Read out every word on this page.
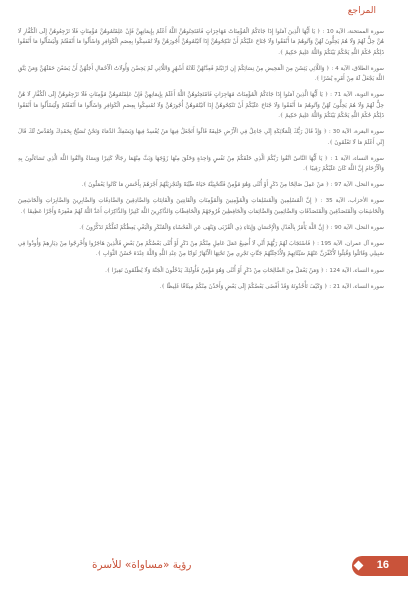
المراجع

سورة الممتحنة، الآية 10 : ﴿ يَا أَيُّهَا الَّذِينَ آمَنُوا إِذَا جَاءَكُمُ الْمُؤْمِنَاتُ مُهَاجِرَاتٍ فَامْتَحِنُوهُنَّ اللَّهُ أَعْلَمُ بِإِيمَانِهِنَّ فَإِنْ عَلِمْتُمُوهُنَّ مُؤْمِنَاتٍ فَلَا تَرْجِعُوهُنَّ إِلَى الْكُفَّارِ لَا هُنَّ حِلٌّ لَهُمْ وَلَا هُمْ يَحِلُّونَ لَهُنَّ وَآتُوهُمْ مَا أَنْفَقُوا وَلَا جُنَاحَ عَلَيْكُمْ أَنْ تَنْكِحُوهُنَّ إِذَا آتَيْتُمُوهُنَّ أُجُورَهُنَّ وَلَا تُمْسِكُوا بِعِصَمِ الْكَوَافِرِ وَاسْأَلُوا مَا أَنْفَقْتُمْ وَلْيَسْأَلُوا مَا أَنْفَقُوا ذَلِكُمْ حُكْمُ اللَّهِ يَحْكُمُ بَيْنَكُمْ وَاللَّهُ عَلِيمٌ حَكِيمٌ ﴾.

سورة الطلاق، الآية 4 : ﴿ وَاللَّائِي يَئِسْنَ مِنَ الْمَحِيضِ مِنْ نِسَائِكُمْ إِنِ ارْتَبْتُمْ فَعِدَّتُهُنَّ ثَلَاثَةُ أَشْهُرٍ وَاللَّائِي لَمْ يَحِضْنَ وَأُولَاتُ الْأَحْمَالِ أَجَلُهُنَّ أَنْ يَضَعْنَ حَمْلَهُنَّ وَمَنْ يَتَّقِ اللَّهَ يَجْعَلْ لَهُ مِنْ أَمْرِهِ يُسْرًا ﴾.

سورة التوبة، الآية 71 : ﴿ يَا أَيُّهَا الَّذِينَ آمَنُوا إِذَا جَاءَكُمُ الْمُؤْمِنَاتُ مُهَاجِرَاتٍ فَامْتَحِنُوهُنَّ اللَّهُ أَعْلَمُ بِإِيمَانِهِنَّ فَإِنْ عَلِمْتُمُوهُنَّ مُؤْمِنَاتٍ فَلَا تَرْجِعُوهُنَّ إِلَى الْكُفَّارِ لَا هُنَّ حِلٌّ لَهُمْ وَلَا هُمْ يَحِلُّونَ لَهُنَّ وَآتُوهُمْ مَا أَنْفَقُوا وَلَا جُنَاحَ عَلَيْكُمْ أَنْ تَنْكِحُوهُنَّ إِذَا آتَيْتُمُوهُنَّ أُجُورَهُنَّ وَلَا تُمْسِكُوا بِعِصَمِ الْكَوَافِرِ وَاسْأَلُوا مَا أَنْفَقْتُمْ وَلْيَسْأَلُوا مَا أَنْفَقُوا ذَلِكُمْ حُكْمُ اللَّهِ يَحْكُمُ بَيْنَكُمْ وَاللَّهُ عَلِيمٌ حَكِيمٌ ﴾.

سورة البقرة، الآية 30 : ﴿ وَإِذْ قَالَ رَبُّكَ لِلْمَلَائِكَةِ إِنِّي جَاعِلٌ فِي الْأَرْضِ خَلِيفَةً قَالُوا أَتَجْعَلُ فِيهَا مَنْ يُفْسِدُ فِيهَا وَيَسْفِكُ الدِّمَاءَ وَنَحْنُ نُسَبِّحُ بِحَمْدِكَ وَنُقَدِّسُ لَكَ قَالَ إِنِّي أَعْلَمُ مَا لَا تَعْلَمُونَ ﴾.

سورة النساء، الآية 1 : ﴿ يَا أَيُّهَا النَّاسُ اتَّقُوا رَبَّكُمُ الَّذِي خَلَقَكُمْ مِنْ نَفْسٍ وَاحِدَةٍ وَخَلَقَ مِنْهَا زَوْجَهَا وَبَثَّ مِنْهُمَا رِجَالًا كَثِيرًا وَنِسَاءً وَاتَّقُوا اللَّهَ الَّذِي تَسَاءَلُونَ بِهِ وَالْأَرْحَامَ إِنَّ اللَّهَ كَانَ عَلَيْكُمْ رَقِيبًا ﴾.

سورة النحل، الآية 97 : ﴿ مَنْ عَمِلَ صَالِحًا مِنْ ذَكَرٍ أَوْ أُنْثَى وَهُوَ مُؤْمِنٌ فَلَنُحْيِيَنَّهُ حَيَاةً طَيِّبَةً وَلَنَجْزِيَنَّهُمْ أَجْرَهُمْ بِأَحْسَنِ مَا كَانُوا يَعْمَلُونَ ﴾.

سورة الأحزاب، الآية 35 : ﴿ إِنَّ الْمُسْلِمِينَ وَالْمُسْلِمَاتِ وَالْمُؤْمِنِينَ وَالْمُؤْمِنَاتِ وَالْقَانِتِينَ وَالْقَانِتَاتِ وَالصَّادِقِينَ وَالصَّادِقَاتِ وَالصَّابِرِينَ وَالصَّابِرَاتِ وَالْخَاشِعِينَ وَالْخَاشِعَاتِ وَالْمُتَصَدِّقِينَ وَالْمُتَصَدِّقَاتِ وَالصَّائِمِينَ وَالصَّائِمَاتِ وَالْحَافِظِينَ فُرُوجَهُمْ وَالْحَافِظَاتِ وَالذَّاكِرِينَ اللَّهَ كَثِيرًا وَالذَّاكِرَاتِ أَعَدَّ اللَّهُ لَهُمْ مَغْفِرَةً وَأَجْرًا عَظِيمًا ﴾.

سورة النحل، الآية 90 : ﴿ إِنَّ اللَّهَ يَأْمُرُ بِالْعَدْلِ وَالْإِحْسَانِ وَإِيتَاءِ ذِي الْقُرْبَى وَيَنْهَى عَنِ الْفَحْشَاءِ وَالْمُنْكَرِ وَالْبَغْيِ يَعِظُكُمْ لَعَلَّكُمْ تَذَكَّرُونَ ﴾.

سورة آل عمران، الآية 195 : ﴿ فَاسْتَجَابَ لَهُمْ رَبُّهُمْ أَنِّي لَا أُضِيعُ عَمَلَ عَامِلٍ مِنْكُمْ مِنْ ذَكَرٍ أَوْ أُنْثَى بَعْضُكُمْ مِنْ بَعْضٍ فَالَّذِينَ هَاجَرُوا وَأُخْرِجُوا مِنْ دِيَارِهِمْ وَأُوذُوا فِي سَبِيلِي وَقَاتَلُوا وَقُتِلُوا لَأُكَفِّرَنَّ عَنْهُمْ سَيِّئَاتِهِمْ وَلَأُدْخِلَنَّهُمْ جَنَّاتٍ تَجْرِي مِنْ تَحْتِهَا الْأَنْهَارُ ثَوَابًا مِنْ عِنْدِ اللَّهِ وَاللَّهُ عِنْدَهُ حُسْنُ الثَّوَابِ ﴾.

سورة النساء، الآية 124 : ﴿ وَمَنْ يَعْمَلْ مِنَ الصَّالِحَاتِ مِنْ ذَكَرٍ أَوْ أُنْثَى وَهُوَ مُؤْمِنٌ فَأُولَئِكَ يَدْخُلُونَ الْجَنَّةَ وَلَا يُظْلَمُونَ نَقِيرًا ﴾.

سورة النساء، الآية 21 : ﴿ وَكَيْفَ تَأْخُذُونَهُ وَقَدْ أَفْضَى بَعْضُكُمْ إِلَى بَعْضٍ وَأَخَذْنَ مِنْكُمْ مِيثَاقًا غَلِيظًا ﴾.

رؤية «مساواة» للأسرة	16
